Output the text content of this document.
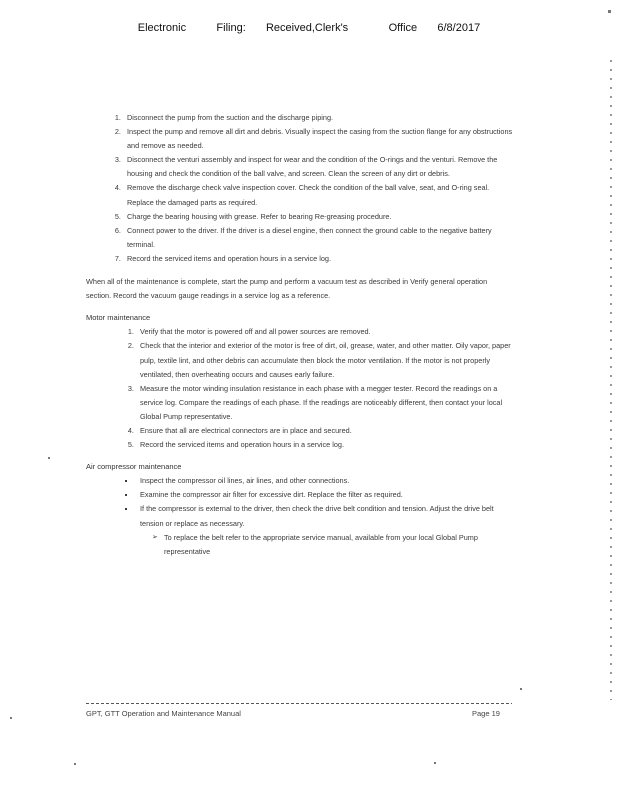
Electronic      Filing:    Received,Clerk's        Office    6/8/2017
1. Disconnect the pump from the suction and the discharge piping.
2. Inspect the pump and remove all dirt and debris. Visually inspect the casing from the suction flange for any obstructions and remove as needed.
3. Disconnect the venturi assembly and inspect for wear and the condition of the O-rings and the venturi. Remove the housing and check the condition of the ball valve, and screen. Clean the screen of any dirt or debris.
4. Remove the discharge check valve inspection cover. Check the condition of the ball valve, seat, and O-ring seal. Replace the damaged parts as required.
5. Charge the bearing housing with grease. Refer to bearing Re-greasing procedure.
6. Connect power to the driver. If the driver is a diesel engine, then connect the ground cable to the negative battery terminal.
7. Record the serviced items and operation hours in a service log.

When all of the maintenance is complete, start the pump and perform a vacuum test as described in Verify general operation section. Record the vacuum gauge readings in a service log as a reference.

Motor maintenance

1. Verify that the motor is powered off and all power sources are removed.
2. Check that the interior and exterior of the motor is free of dirt, oil, grease, water, and other matter. Oily vapor, paper pulp, textile lint, and other debris can accumulate then block the motor ventilation. If the motor is not properly ventilated, then overheating occurs and causes early failure.
3. Measure the motor winding insulation resistance in each phase with a megger tester. Record the readings on a service log. Compare the readings of each phase. If the readings are noticeably different, then contact your local Global Pump representative.
4. Ensure that all are electrical connectors are in place and secured.
5. Record the serviced items and operation hours in a service log.

Air compressor maintenance

▪ Inspect the compressor oil lines, air lines, and other connections.
▪ Examine the compressor air filter for excessive dirt. Replace the filter as required.
▪ If the compressor is external to the driver, then check the drive belt condition and tension. Adjust the drive belt tension or replace as necessary.
➢ To replace the belt refer to the appropriate service manual, available from your local Global Pump representative
GPT, GTT Operation and Maintenance Manual	Page 19
